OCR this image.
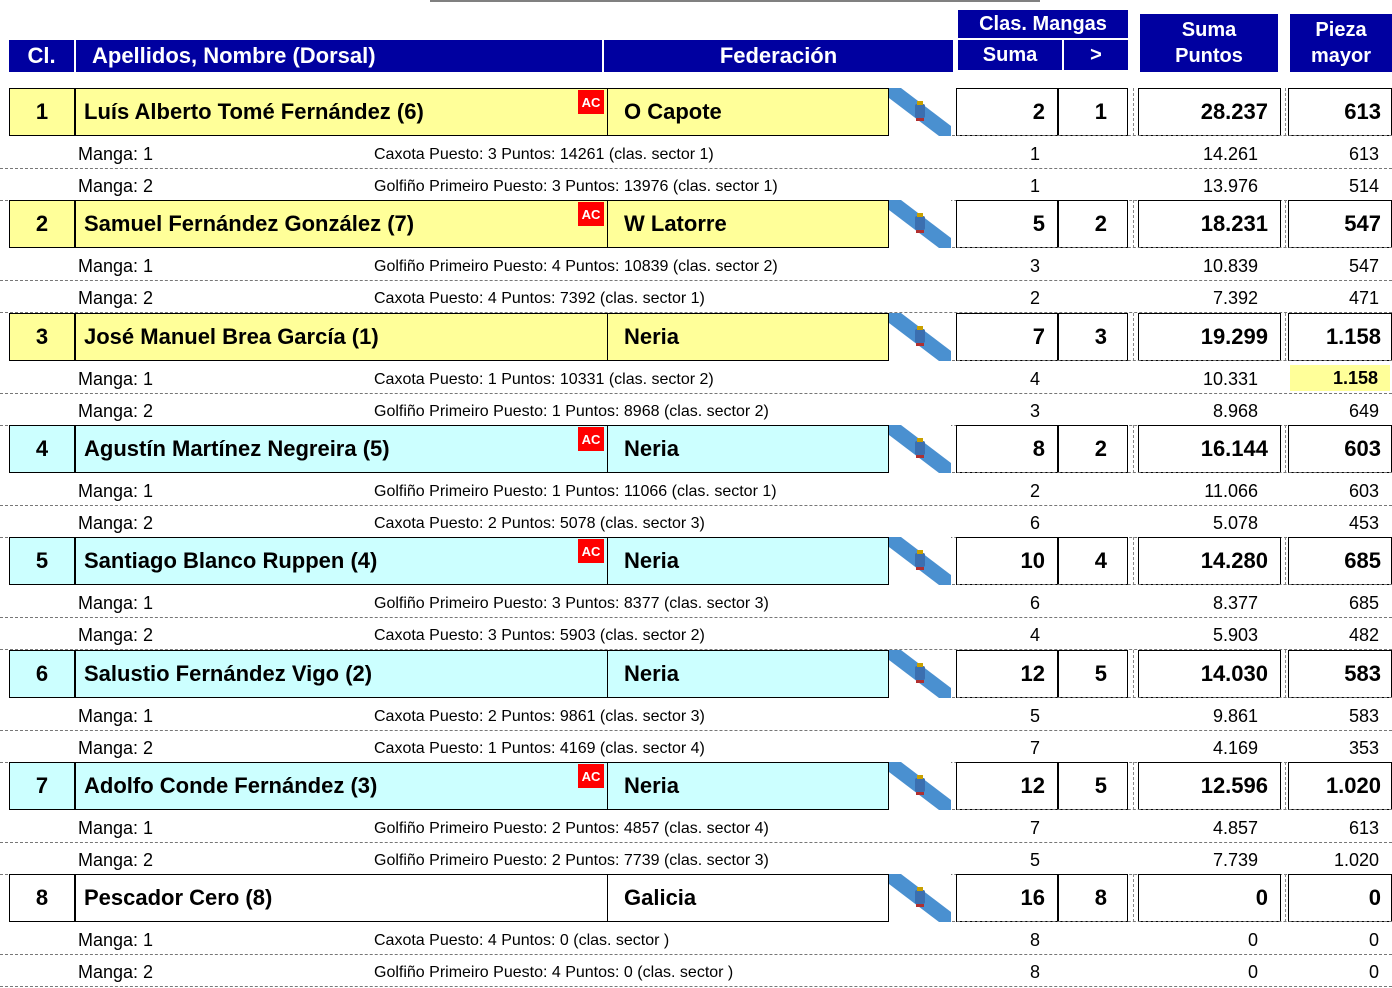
Cl. Apellidos, Nombre (Dorsal)	Federación
Clas. Mangas
Suma	>
Suma
Puntos
Pieza
mayor
1 Luís Alberto Tomé Fernández (6)	AC O Capote	2 1	28.237	613
Manga: 1	Caxota Puesto: 3 Puntos: 14261 (clas. sector 1)	1	14.261	613
Manga: 2	Golfiño Primeiro Puesto: 3 Puntos: 13976 (clas. sector 1)	1	13.976	514
2 Samuel Fernández González (7)	AC W Latorre	5 2	18.231	547
Manga: 1	Golfiño Primeiro Puesto: 4 Puntos: 10839 (clas. sector 2)	3	10.839	547
Manga: 2	Caxota Puesto: 4 Puntos: 7392 (clas. sector 1)	2	7.392	471
3 José Manuel Brea García (1)	Neria	7 3	19.299	1.158
Manga: 1	Caxota Puesto: 1 Puntos: 10331 (clas. sector 2)	4	10.331	1.158
Manga: 2	Golfiño Primeiro Puesto: 1 Puntos: 8968 (clas. sector 2)	3	8.968	649
4 Agustín Martínez Negreira (5)	AC Neria	8 2	16.144	603
Manga: 1	Golfiño Primeiro Puesto: 1 Puntos: 11066 (clas. sector 1)	2	11.066	603
Manga: 2	Caxota Puesto: 2 Puntos: 5078 (clas. sector 3)	6	5.078	453
5 Santiago Blanco Ruppen (4)	AC Neria	10 4	14.280	685
Manga: 1	Golfiño Primeiro Puesto: 3 Puntos: 8377 (clas. sector 3)	6	8.377	685
Manga: 2	Caxota Puesto: 3 Puntos: 5903 (clas. sector 2)	4	5.903	482
6 Salustio Fernández Vigo (2)	Neria	12 5	14.030	583
Manga: 1	Caxota Puesto: 2 Puntos: 9861 (clas. sector 3)	5	9.861	583
Manga: 2	Caxota Puesto: 1 Puntos: 4169 (clas. sector 4)	7	4.169	353
7 Adolfo Conde Fernández (3)	AC Neria	12 5	12.596	1.020
Manga: 1	Golfiño Primeiro Puesto: 2 Puntos: 4857 (clas. sector 4)	7	4.857	613
Manga: 2	Golfiño Primeiro Puesto: 2 Puntos: 7739 (clas. sector 3)	5	7.739	1.020
8 Pescador Cero (8)	Galicia	16 8	0	0
Manga: 1	Caxota Puesto: 4 Puntos: 0 (clas. sector )	8	0	0
Manga: 2	Golfiño Primeiro Puesto: 4 Puntos: 0 (clas. sector )	8	0	0
